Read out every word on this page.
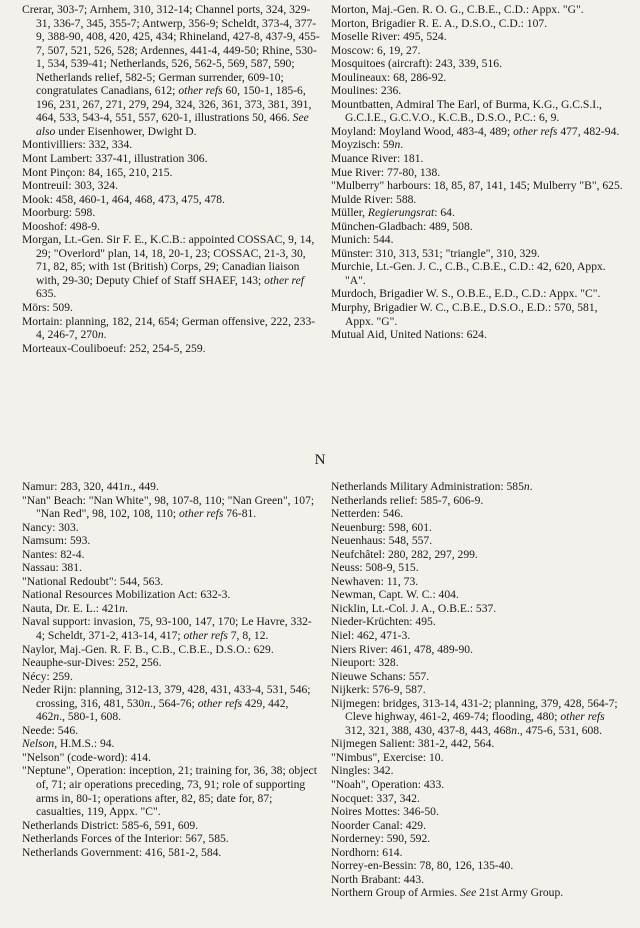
Crerar, 303-7; Arnhem, 310, 312-14; Channel ports, 324, 329-31, 336-7, 345, 355-7; Antwerp, 356-9; Scheldt, 373-4, 377-9, 388-90, 408, 420, 425, 434; Rhineland, 427-8, 437-9, 455-7, 507, 521, 526, 528; Ardennes, 441-4, 449-50; Rhine, 530-1, 534, 539-41; Netherlands, 526, 562-5, 569, 587, 590; Netherlands relief, 582-5; German surrender, 609-10; congratulates Canadians, 612; other refs 60, 150-1, 185-6, 196, 231, 267, 271, 279, 294, 324, 326, 361, 373, 381, 391, 464, 533, 543-4, 551, 557, 620-1, illustrations 50, 466. See also under Eisenhower, Dwight D.
Montivilliers: 332, 334.
Mont Lambert: 337-41, illustration 306.
Mont Pinçon: 84, 165, 210, 215.
Montreuil: 303, 324.
Mook: 458, 460-1, 464, 468, 473, 475, 478.
Moorburg: 598.
Mooshof: 498-9.
Morgan, Lt.-Gen. Sir F. E., K.C.B.: appointed COSSAC, 9, 14, 29; "Overlord" plan, 14, 18, 20-1, 23; COSSAC, 21-3, 30, 71, 82, 85; with 1st (British) Corps, 29; Canadian liaison with, 29-30; Deputy Chief of Staff SHAEF, 143; other ref 635.
Mörs: 509.
Mortain: planning, 182, 214, 654; German offensive, 222, 233-4, 246-7, 270n.
Morteaux-Couliboeuf: 252, 254-5, 259.
Morton, Maj.-Gen. R. O. G., C.B.E., C.D.: Appx. "G".
Morton, Brigadier R. E. A., D.S.O., C.D.: 107.
Moselle River: 495, 524.
Moscow: 6, 19, 27.
Mosquitoes (aircraft): 243, 339, 516.
Moulineaux: 68, 286-92.
Moulines: 236.
Mountbatten, Admiral The Earl, of Burma, K.G., G.C.S.I., G.C.I.E., G.C.V.O., K.C.B., D.S.O., P.C.: 6, 9.
Moyland: Moyland Wood, 483-4, 489; other refs 477, 482-94.
Moyzisch: 59n.
Muance River: 181.
Mue River: 77-80, 138.
"Mulberry" harbours: 18, 85, 87, 141, 145; Mulberry "B", 625.
Mulde River: 588.
Müller, Regierungsrat: 64.
München-Gladbach: 489, 508.
Munich: 544.
Münster: 310, 313, 531; "triangle", 310, 329.
Murchie, Lt.-Gen. J. C., C.B., C.B.E., C.D.: 42, 620, Appx. "A".
Murdoch, Brigadier W. S., O.B.E., E.D., C.D.: Appx. "C".
Murphy, Brigadier W. C., C.B.E., D.S.O., E.D.: 570, 581, Appx. "G".
Mutual Aid, United Nations: 624.
N
Namur: 283, 320, 441n., 449.
"Nan" Beach: "Nan White", 98, 107-8, 110; "Nan Green", 107; "Nan Red", 98, 102, 108, 110; other refs 76-81.
Nancy: 303.
Namsum: 593.
Nantes: 82-4.
Nassau: 381.
"National Redoubt": 544, 563.
National Resources Mobilization Act: 632-3.
Nauta, Dr. E. L.: 421n.
Naval support: invasion, 75, 93-100, 147, 170; Le Havre, 332-4; Scheldt, 371-2, 413-14, 417; other refs 7, 8, 12.
Naylor, Maj.-Gen. R. F. B., C.B., C.B.E., D.S.O.: 629.
Neauphe-sur-Dives: 252, 256.
Nécy: 259.
Neder Rijn: planning, 312-13, 379, 428, 431, 433-4, 531, 546; crossing, 316, 481, 530n., 564-76; other refs 429, 442, 462n., 580-1, 608.
Neede: 546.
Nelson, H.M.S.: 94.
"Nelson" (code-word): 414.
"Neptune", Operation: inception, 21; training for, 36, 38; object of, 71; air operations preceding, 73, 91; role of supporting arms in, 80-1; operations after, 82, 85; date for, 87; casualties, 119, Appx. "C".
Netherlands District: 585-6, 591, 609.
Netherlands Forces of the Interior: 567, 585.
Netherlands Government: 416, 581-2, 584.
Netherlands Military Administration: 585n.
Netherlands relief: 585-7, 606-9.
Netterden: 546.
Neuenburg: 598, 601.
Neuenhaus: 548, 557.
Neufchâtel: 280, 282, 297, 299.
Neuss: 508-9, 515.
Newhaven: 11, 73.
Newman, Capt. W. C.: 404.
Nicklin, Lt.-Col. J. A., O.B.E.: 537.
Nieder-Krüchten: 495.
Niel: 462, 471-3.
Niers River: 461, 478, 489-90.
Nieuport: 328.
Nieuwe Schans: 557.
Nijkerk: 576-9, 587.
Nijmegen: bridges, 313-14, 431-2; planning, 379, 428, 564-7; Cleve highway, 461-2, 469-74; flooding, 480; other refs 312, 321, 388, 430, 437-8, 443, 468n., 475-6, 531, 608.
Nijmegen Salient: 381-2, 442, 564.
"Nimbus", Exercise: 10.
Ningles: 342.
"Noah", Operation: 433.
Nocquet: 337, 342.
Noires Mottes: 346-50.
Noorder Canal: 429.
Norderney: 590, 592.
Nordhorn: 614.
Norrey-en-Bessin: 78, 80, 126, 135-40.
North Brabant: 443.
Northern Group of Armies. See 21st Army Group.
